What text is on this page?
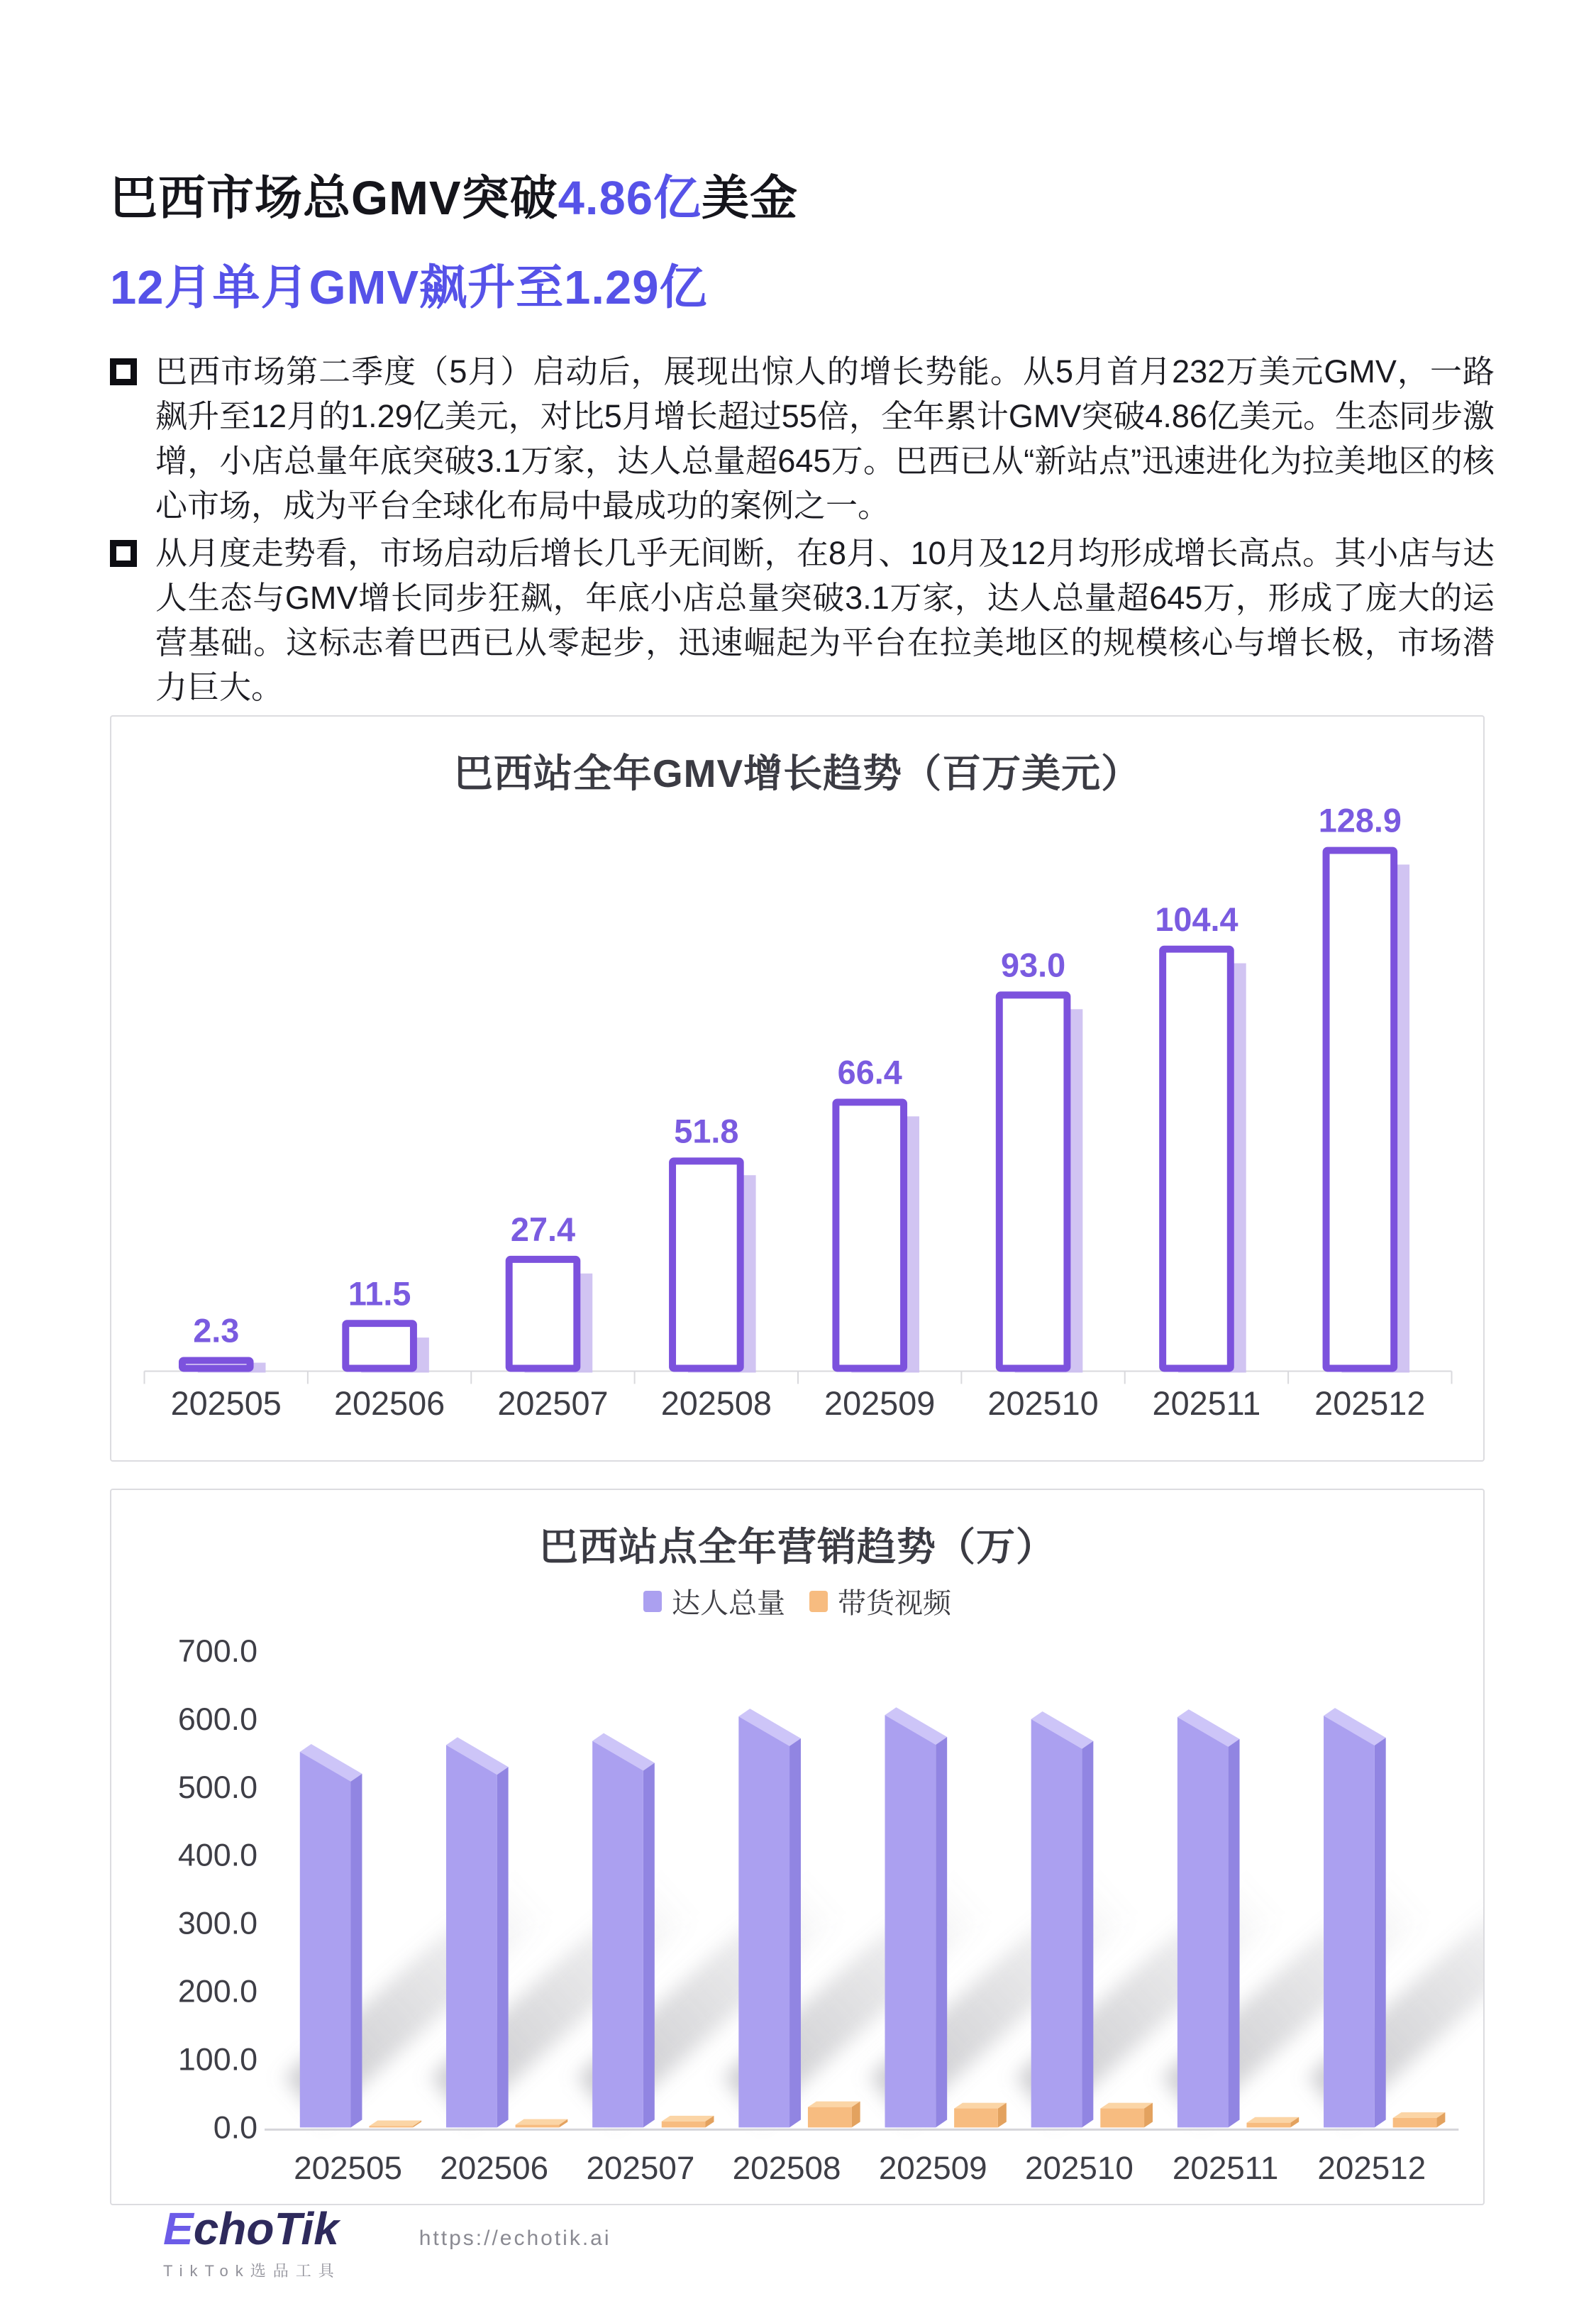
巴西市场总GMV突破4.86亿美金
12月单月GMV飙升至1.29亿
巴西市场第二季度（5月）启动后，展现出惊人的增长势能。从5月首月232万美元GMV，一路飙升至12月的1.29亿美元，对比5月增长超过55倍，全年累计GMV突破4.86亿美元。生态同步激增，小店总量年底突破3.1万家，达人总量超645万。巴西已从“新站点”迅速进化为拉美地区的核心市场，成为平台全球化布局中最成功的案例之一。
从月度走势看，市场启动后增长几乎无间断，在8月、10月及12月均形成增长高点。其小店与达人生态与GMV增长同步狂飙，年底小店总量突破3.1万家，达人总量超645万，形成了庞大的运营基础。这标志着巴西已从零起步，迅速崛起为平台在拉美地区的规模核心与增长极，市场潜力巨大。
2.3
202505
11.5
202506
27.4
202507
51.8
202508
66.4
202509
93.0
202510
104.4
202511
128.9
202512
巴西站全年GMV增长趋势（百万美元）
0.0
100.0
200.0
300.0
400.0
500.0
600.0
700.0
202505 202506 202507 202508 202509 202510 202511 202512
巴西站点全年营销趋势（万）
达人总量 带货视频
EchoTik
TikTok选品工具
https://echotik.ai
